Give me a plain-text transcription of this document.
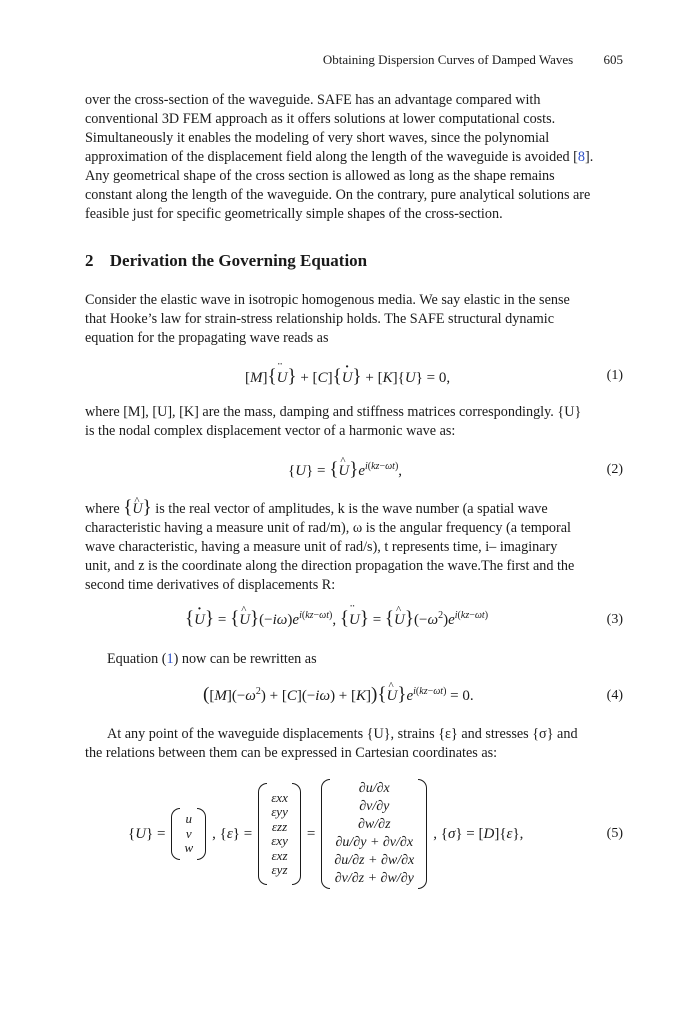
Obtaining Dispersion Curves of Damped Waves 605
over the cross-section of the waveguide. SAFE has an advantage compared with
conventional 3D FEM approach as it offers solutions at lower computational costs.
Simultaneously it enables the modeling of very short waves, since the polynomial
approximation of the displacement field along the length of the waveguide is avoided [8].
Any geometrical shape of the cross section is allowed as long as the shape remains
constant along the length of the waveguide. On the contrary, pure analytical solutions are
feasible just for specific geometrically simple shapes of the cross-section.
2 Derivation the Governing Equation
Consider the elastic wave in isotropic homogenous media. We say elastic in the sense
that Hooke’s law for strain-stress relationship holds. The SAFE structural dynamic
equation for the propagating wave reads as
[M]{¨ U} + [C]{· U} + [K]{U} = 0,	(1)
where [M], [U], [K] are the mass, damping and stiffness matrices correspondingly. {U}
is the nodal complex displacement vector of a harmonic wave as:
{U} = {^ $U\}e^{i(kz-\omega t)}$,	(2)
where {^ U} is the real vector of amplitudes, k is the wave number (a spatial wave
characteristic having a measure unit of rad/m), ω is the angular frequency (a temporal
wave characteristic, having a measure unit of rad/s), t represents time, i– imaginary
unit, and z is the coordinate along the direction propagation the wave.The first and the
second time derivatives of displacements R:
{· U} = {^ $U\}(-i\omega)e^{i(kz-\omega t)}$, {¨ U} = {^ $U\}(-\omega^2)e^{i(kz-\omega t)}$	(3)
Equation (1) now can be rewritten as
($[M](-\omega^2) + [C](-i\omega)$ + [K]){^ $U\}e^{i(kz-\omega t)} = 0$.	(4)
At any point of the waveguide displacements {U}, strains {ε} and stresses {σ} and
the relations between them can be expressed in Cartesian coordinates as:
{U} =
u
v
w
, {ε} =
εxx
εyy
εzz
εxy
εxz
εyz
=
∂u/∂x
∂v/∂y
∂w/∂z
∂u/∂y + ∂v/∂x
∂u/∂z + ∂w/∂x
∂v/∂z + ∂w/∂y
, {σ} = [D]{ε},	(5)
